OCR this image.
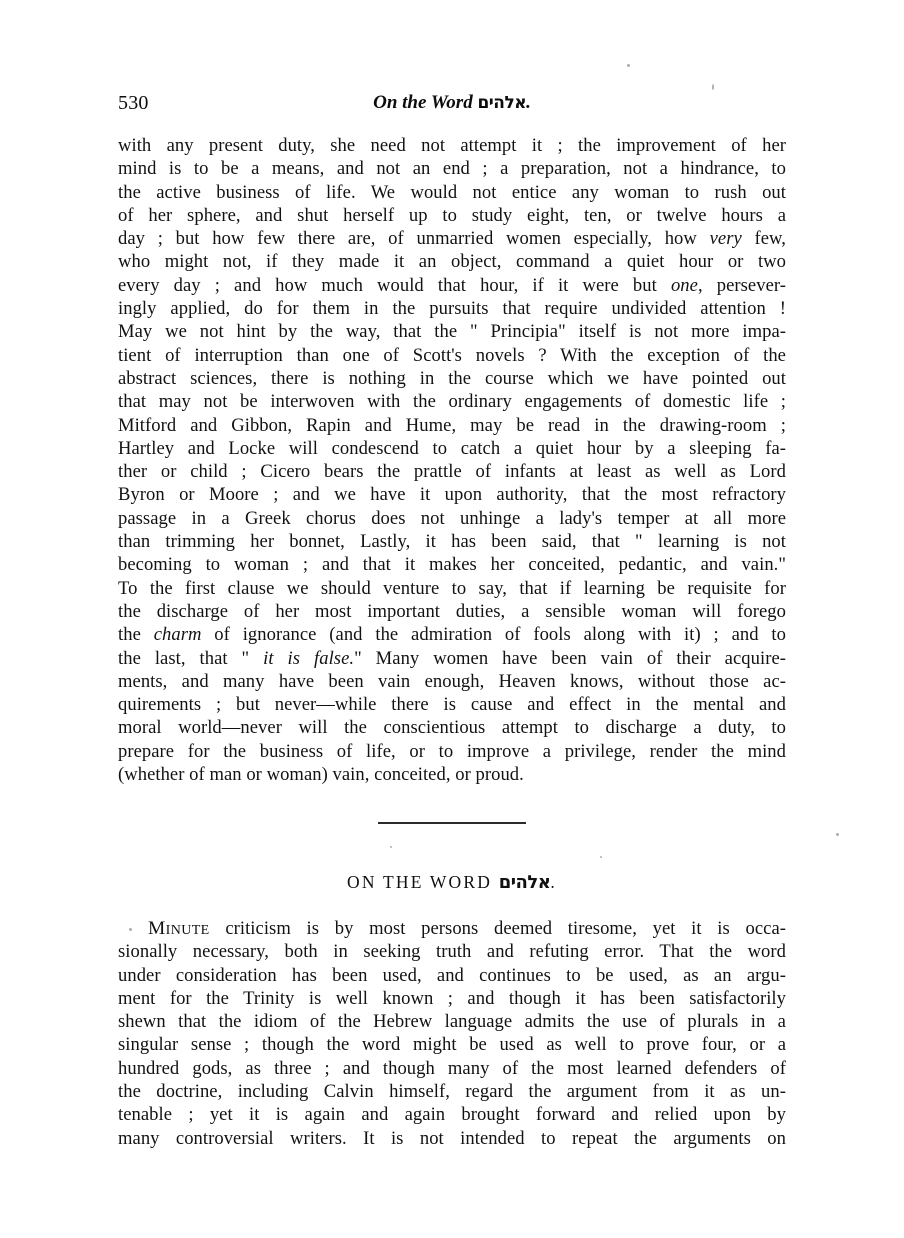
530	On the Word אלהים.
with any present duty, she need not attempt it ; the improvement of her
mind is to be a means, and not an end ; a preparation, not a hindrance, to
the active business of life. We would not entice any woman to rush out
of her sphere, and shut herself up to study eight, ten, or twelve hours a
day ; but how few there are, of unmarried women especially, how very few,
who might not, if they made it an object, command a quiet hour or two
every day ; and how much would that hour, if it were but one, persever-
ingly applied, do for them in the pursuits that require undivided attention !
May we not hint by the way, that the " Principia" itself is not more impa-
tient of interruption than one of Scott's novels ? With the exception of the
abstract sciences, there is nothing in the course which we have pointed out
that may not be interwoven with the ordinary engagements of domestic life ;
Mitford and Gibbon, Rapin and Hume, may be read in the drawing-room ;
Hartley and Locke will condescend to catch a quiet hour by a sleeping fa-
ther or child ; Cicero bears the prattle of infants at least as well as Lord
Byron or Moore ; and we have it upon authority, that the most refractory
passage in a Greek chorus does not unhinge a lady's temper at all more
than trimming her bonnet, Lastly, it has been said, that " learning is not
becoming to woman ; and that it makes her conceited, pedantic, and vain."
To the first clause we should venture to say, that if learning be requisite for
the discharge of her most important duties, a sensible woman will forego
the charm of ignorance (and the admiration of fools along with it) ; and to
the last, that " it is false." Many women have been vain of their acquire-
ments, and many have been vain enough, Heaven knows, without those ac-
quirements ; but never—while there is cause and effect in the mental and
moral world—never will the conscientious attempt to discharge a duty, to
prepare for the business of life, or to improve a privilege, render the mind
(whether of man or woman) vain, conceited, or proud.
ON THE WORD אלהים.
Minute criticism is by most persons deemed tiresome, yet it is occa-
sionally necessary, both in seeking truth and refuting error. That the word
under consideration has been used, and continues to be used, as an argu-
ment for the Trinity is well known ; and though it has been satisfactorily
shewn that the idiom of the Hebrew language admits the use of plurals in a
singular sense ; though the word might be used as well to prove four, or a
hundred gods, as three ; and though many of the most learned defenders of
the doctrine, including Calvin himself, regard the argument from it as un-
tenable ; yet it is again and again brought forward and relied upon by
many controversial writers. It is not intended to repeat the arguments on
